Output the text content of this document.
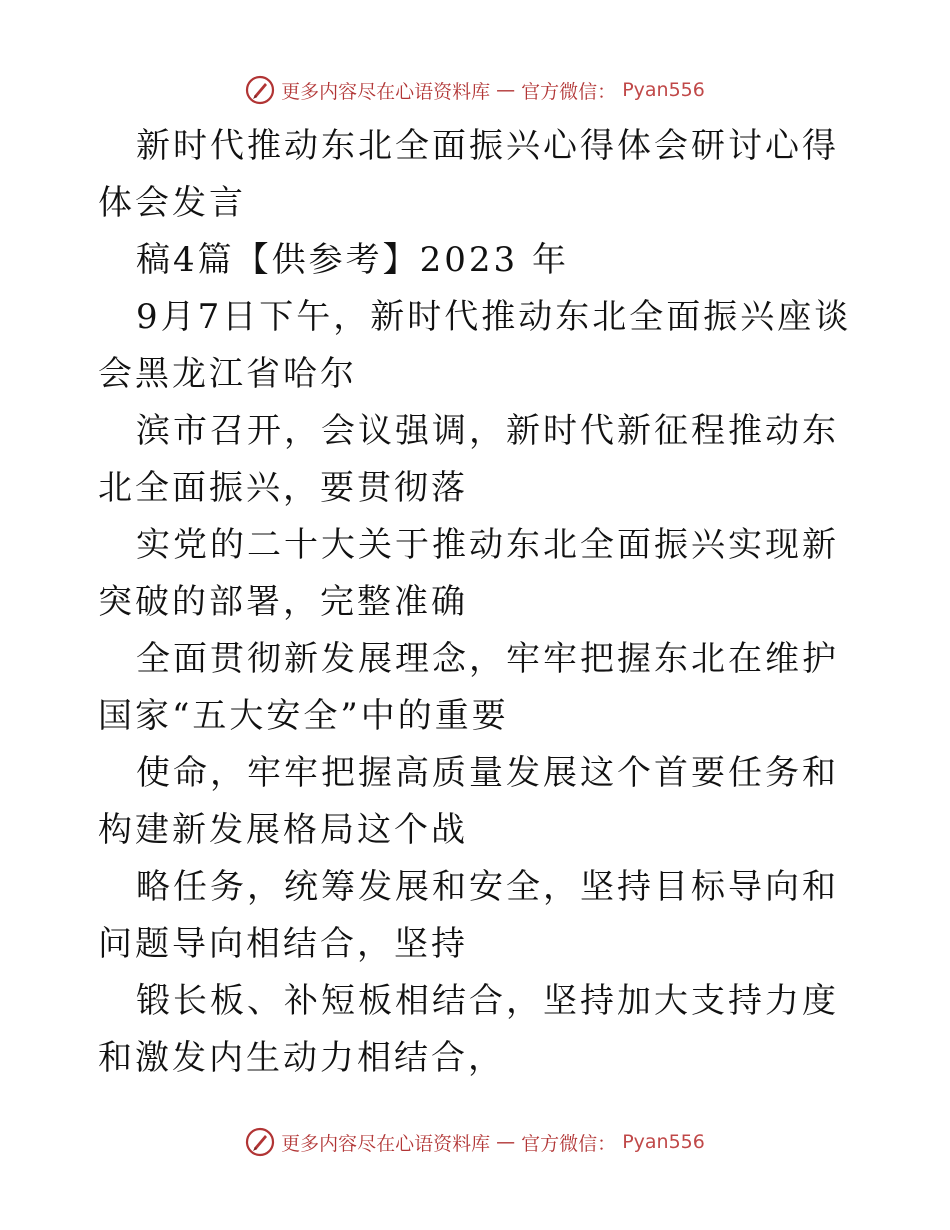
更多内容尽在心语资料库 — 官方微信： Pyan556

新时代推动东北全面振兴心得体会研讨心得体会发言

稿4篇【供参考】2023 年

9月7日下午，新时代推动东北全面振兴座谈会黑龙江省哈尔

滨市召开，会议强调，新时代新征程推动东北全面振兴，要贯彻落

实党的二十大关于推动东北全面振兴实现新突破的部署，完整准确

全面贯彻新发展理念，牢牢把握东北在维护国家“五大安全”中的重要

使命，牢牢把握高质量发展这个首要任务和构建新发展格局这个战

略任务，统筹发展和安全，坚持目标导向和问题导向相结合，坚持

锻长板、补短板相结合，坚持加大支持力度和激发内生动力相结合，

更多内容尽在心语资料库 — 官方微信： Pyan556
